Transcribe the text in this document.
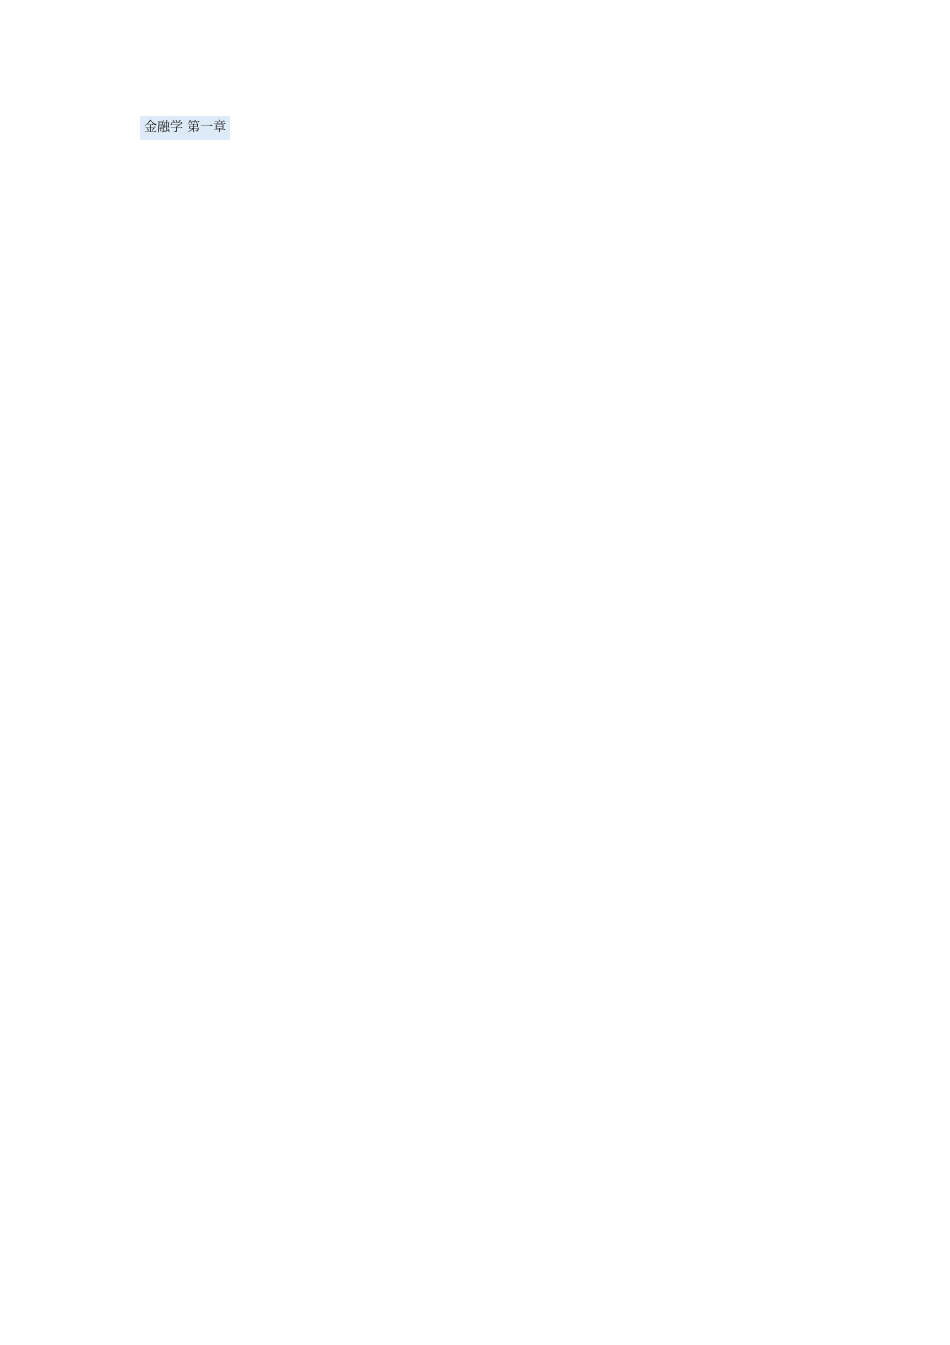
金融学 第一章
